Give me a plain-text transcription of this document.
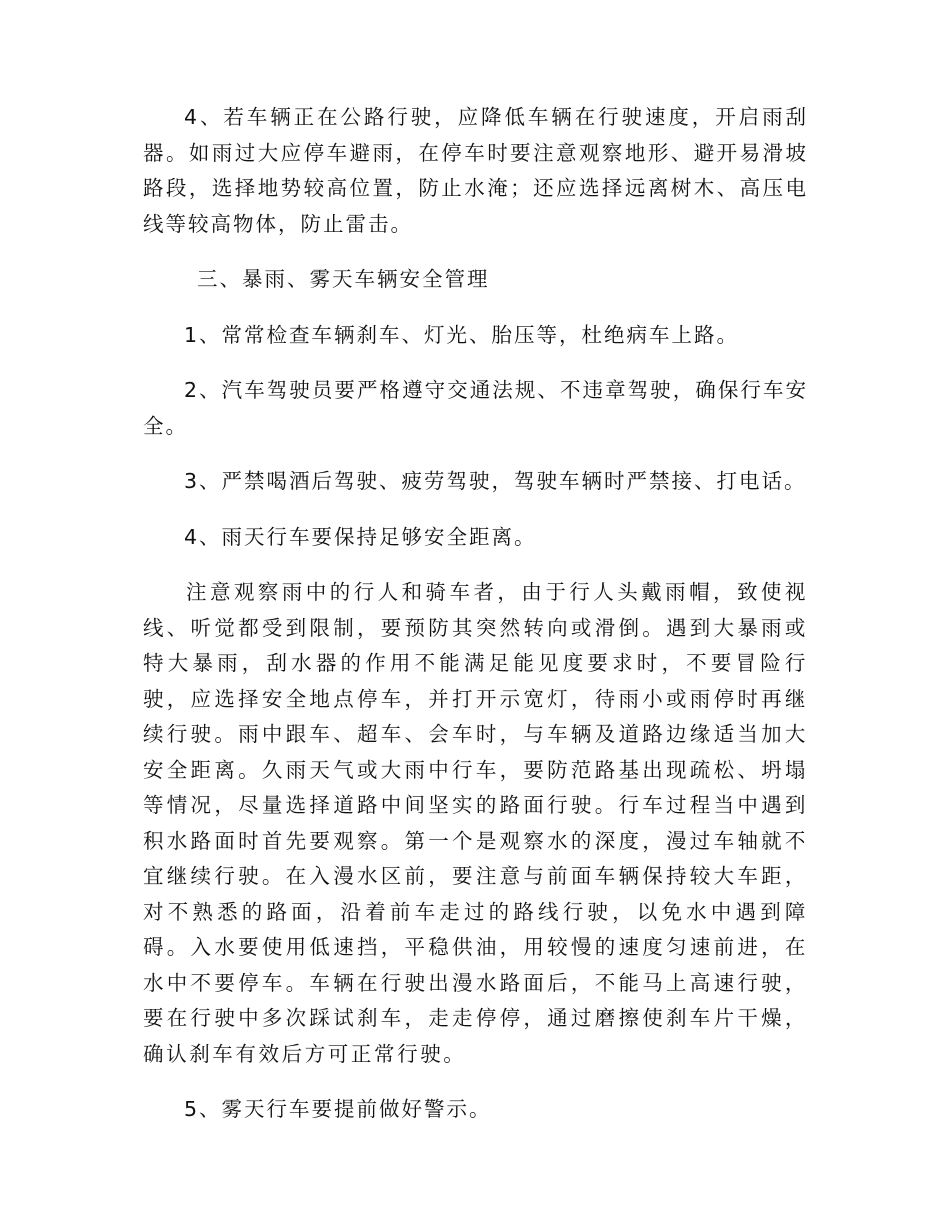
4、若车辆正在公路行驶，应降低车辆在行驶速度，开启雨刮器。如雨过大应停车避雨，在停车时要注意观察地形、避开易滑坡路段，选择地势较高位置，防止水淹；还应选择远离树木、高压电线等较高物体，防止雷击。

三、暴雨、雾天车辆安全管理

1、常常检查车辆刹车、灯光、胎压等，杜绝病车上路。

2、汽车驾驶员要严格遵守交通法规、不违章驾驶，确保行车安全。

3、严禁喝酒后驾驶、疲劳驾驶，驾驶车辆时严禁接、打电话。

4、雨天行车要保持足够安全距离。

注意观察雨中的行人和骑车者，由于行人头戴雨帽，致使视线、听觉都受到限制，要预防其突然转向或滑倒。遇到大暴雨或特大暴雨，刮水器的作用不能满足能见度要求时，不要冒险行驶，应选择安全地点停车，并打开示宽灯，待雨小或雨停时再继续行驶。雨中跟车、超车、会车时，与车辆及道路边缘适当加大安全距离。久雨天气或大雨中行车，要防范路基出现疏松、坍塌等情况，尽量选择道路中间坚实的路面行驶。行车过程当中遇到积水路面时首先要观察。第一个是观察水的深度，漫过车轴就不宜继续行驶。在入漫水区前，要注意与前面车辆保持较大车距，对不熟悉的路面，沿着前车走过的路线行驶，以免水中遇到障碍。入水要使用低速挡，平稳供油，用较慢的速度匀速前进，在水中不要停车。车辆在行驶出漫水路面后，不能马上高速行驶，要在行驶中多次踩试刹车，走走停停，通过磨擦使刹车片干燥，确认刹车有效后方可正常行驶。

5、雾天行车要提前做好警示。
